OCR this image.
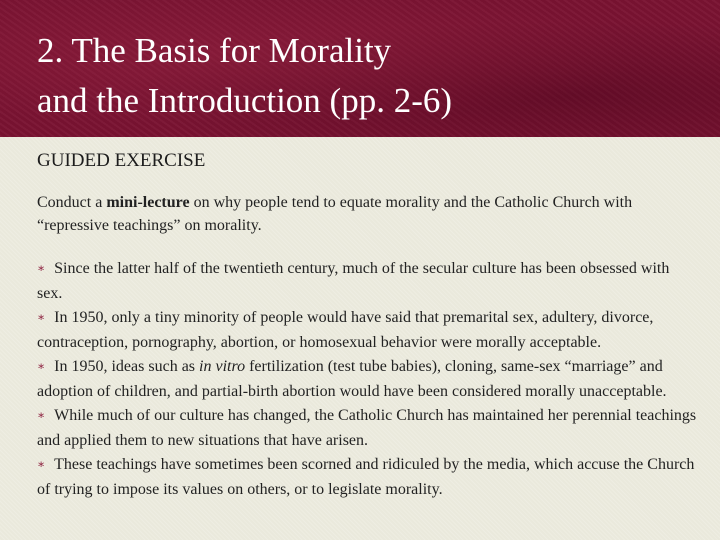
2. The Basis for Morality
and the Introduction (pp. 2-6)
GUIDED EXERCISE

Conduct a mini‑lecture on why people tend to equate morality and the Catholic Church with “repressive teachings” on morality.

∗ Since the latter half of the twentieth century, much of the secular culture has been obsessed with sex.
∗ In 1950, only a tiny minority of people would have said that premarital sex, adultery, divorce, contraception, pornography, abortion, or homosexual behavior were morally acceptable.
∗ In 1950, ideas such as in vitro fertilization (test tube babies), cloning, same‑sex “marriage” and adoption of children, and partial‑birth abortion would have been considered morally unacceptable.
∗ While much of our culture has changed, the Catholic Church has maintained her perennial teachings and applied them to new situations that have arisen.
∗ These teachings have sometimes been scorned and ridiculed by the media, which accuse the Church of trying to impose its values on others, or to legislate morality.
